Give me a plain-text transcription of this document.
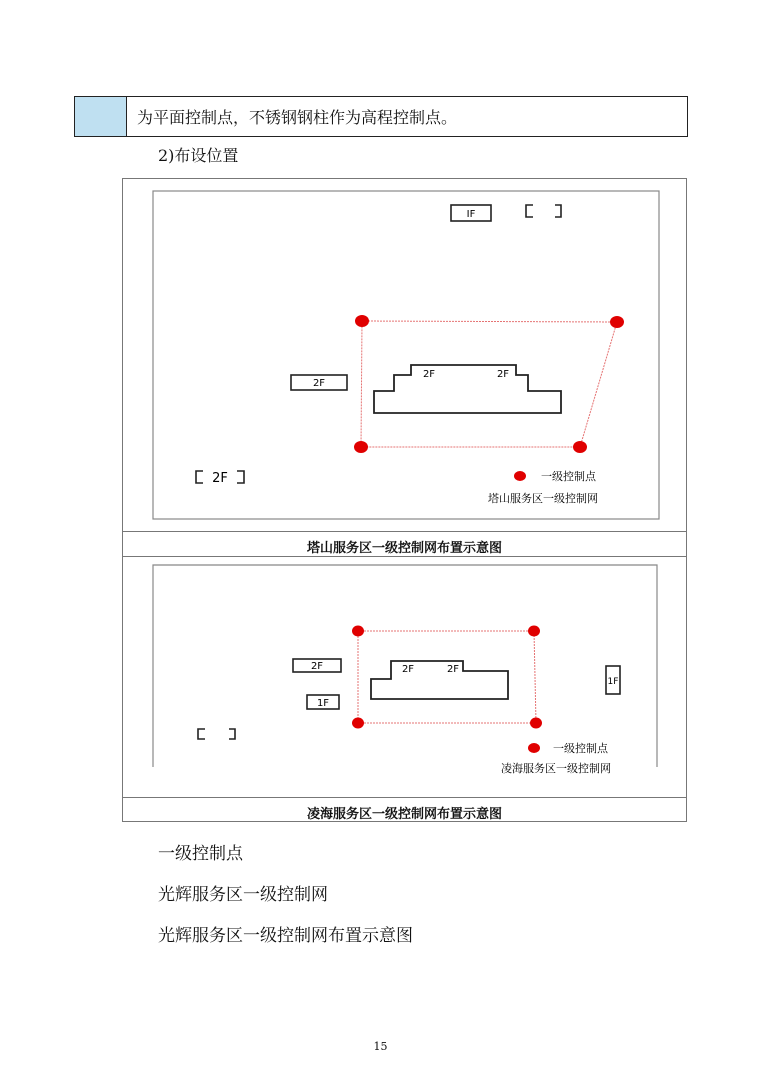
为平面控制点，不锈钢钢柱作为高程控制点。
2)布设位置
IF
2F
2F	2F
2F	一级控制点
塔山服务区一级控制网
塔山服务区一级控制网布置示意图
2F
1F
2F	2F
1F
一级控制点
凌海服务区一级控制网
凌海服务区一级控制网布置示意图
一级控制点
光辉服务区一级控制网
光辉服务区一级控制网布置示意图
15
